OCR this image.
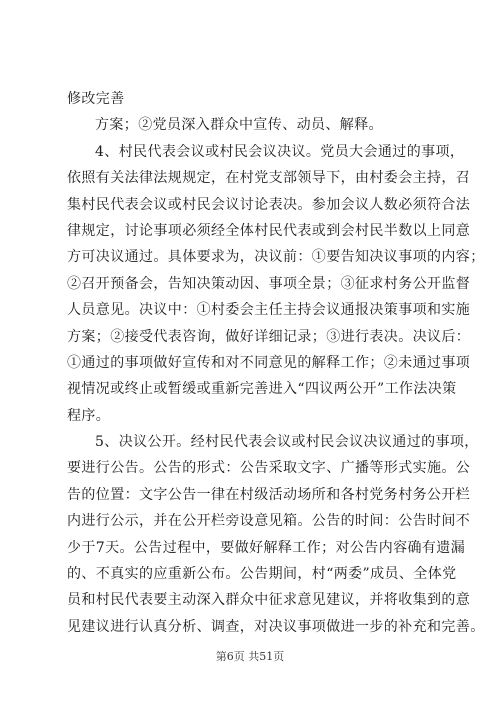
修改完善
方案；②党员深入群众中宣传、动员、解释。
4、村民代表会议或村民会议决议。党员大会通过的事项，
依照有关法律法规规定，在村党支部领导下，由村委会主持，召
集村民代表会议或村民会议讨论表决。参加会议人数必须符合法
律规定，讨论事项必须经全体村民代表或到会村民半数以上同意
方可决议通过。具体要求为，决议前：①要告知决议事项的内容；
②召开预备会，告知决策动因、事项全景；③征求村务公开监督
人员意见。决议中：①村委会主任主持会议通报决策事项和实施
方案；②接受代表咨询，做好详细记录；③进行表决。决议后：
①通过的事项做好宣传和对不同意见的解释工作；②未通过事项
视情况或终止或暂缓或重新完善进入“四议两公开”工作法决策
程序。
5、决议公开。经村民代表会议或村民会议决议通过的事项，
要进行公告。公告的形式：公告采取文字、广播等形式实施。公
告的位置：文字公告一律在村级活动场所和各村党务村务公开栏
内进行公示，并在公开栏旁设意见箱。公告的时间：公告时间不
少于7天。公告过程中，要做好解释工作；对公告内容确有遗漏
的、不真实的应重新公布。公告期间，村“两委”成员、全体党
员和村民代表要主动深入群众中征求意见建议，并将收集到的意
见建议进行认真分析、调查，对决议事项做进一步的补充和完善。
第6页 共51页
